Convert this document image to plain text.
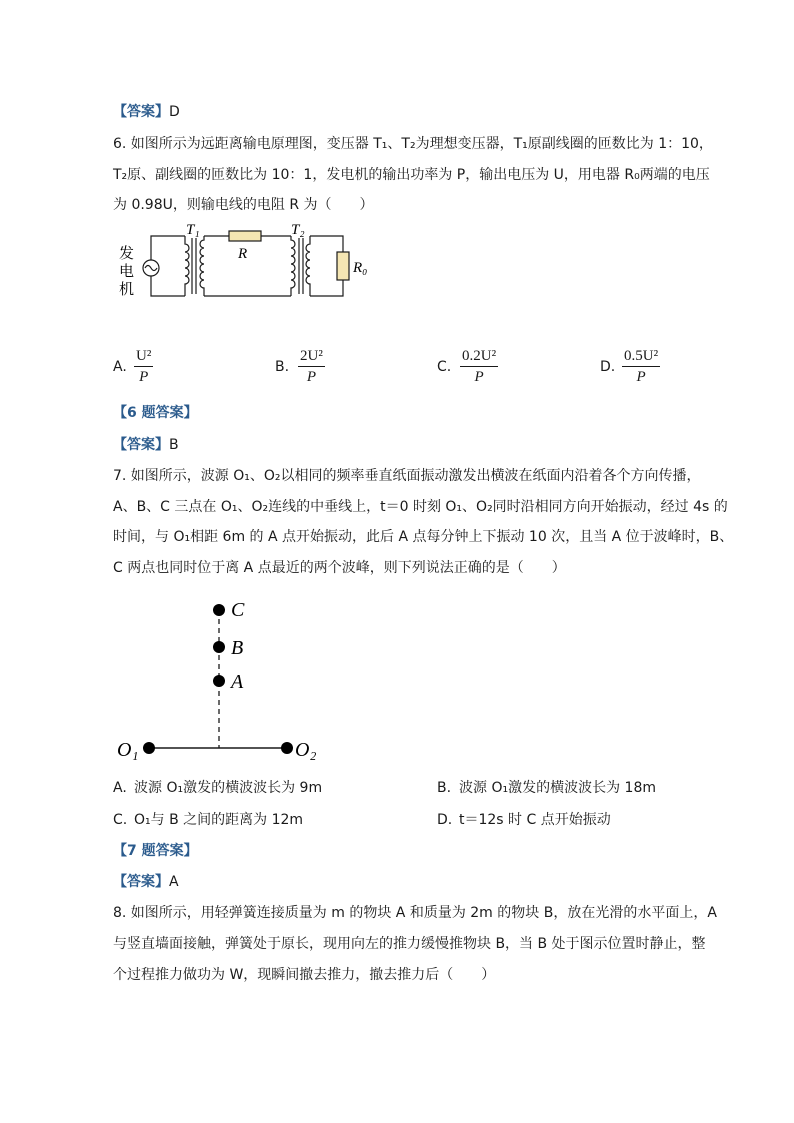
【答案】D
6. 如图所示为远距离输电原理图，变压器 T₁、T₂为理想变压器，T₁原副线圈的匝数比为 1：10，
T₂原、副线圈的匝数比为 10：1，发电机的输出功率为 P，输出电压为 U，用电器 R₀两端的电压
为 0.98U，则输电线的电阻 R 为（　　）
发
电
机
T₁	T₂
R
R₀
A. $\frac{\text{U²}}{P}$	B. $\frac{\text{2U²}}{P}$	C. $\frac{\text{0.2U²}}{P}$	D. $\frac{\text{0.5U²}}{P}$
【6 题答案】
【答案】B
7. 如图所示，波源 O₁、O₂以相同的频率垂直纸面振动激发出横波在纸面内沿着各个方向传播，
A、B、C 三点在 O₁、O₂连线的中垂线上，t＝0 时刻 O₁、O₂同时沿相同方向开始振动，经过 4s 的
时间，与 O₁相距 6m 的 A 点开始振动，此后 A 点每分钟上下振动 10 次，且当 A 位于波峰时，B、
C 两点也同时位于离 A 点最近的两个波峰，则下列说法正确的是（　　）
C
B
A
O₁	O₂
A. 波源 O₁激发的横波波长为 9m	B. 波源 O₁激发的横波波长为 18m
C. O₁与 B 之间的距离为 12m	D. t＝12s 时 C 点开始振动
【7 题答案】
【答案】A
8. 如图所示，用轻弹簧连接质量为 m 的物块 A 和质量为 2m 的物块 B，放在光滑的水平面上，A
与竖直墙面接触，弹簧处于原长，现用向左的推力缓慢推物块 B，当 B 处于图示位置时静止，整
个过程推力做功为 W，现瞬间撤去推力，撤去推力后（　　）
